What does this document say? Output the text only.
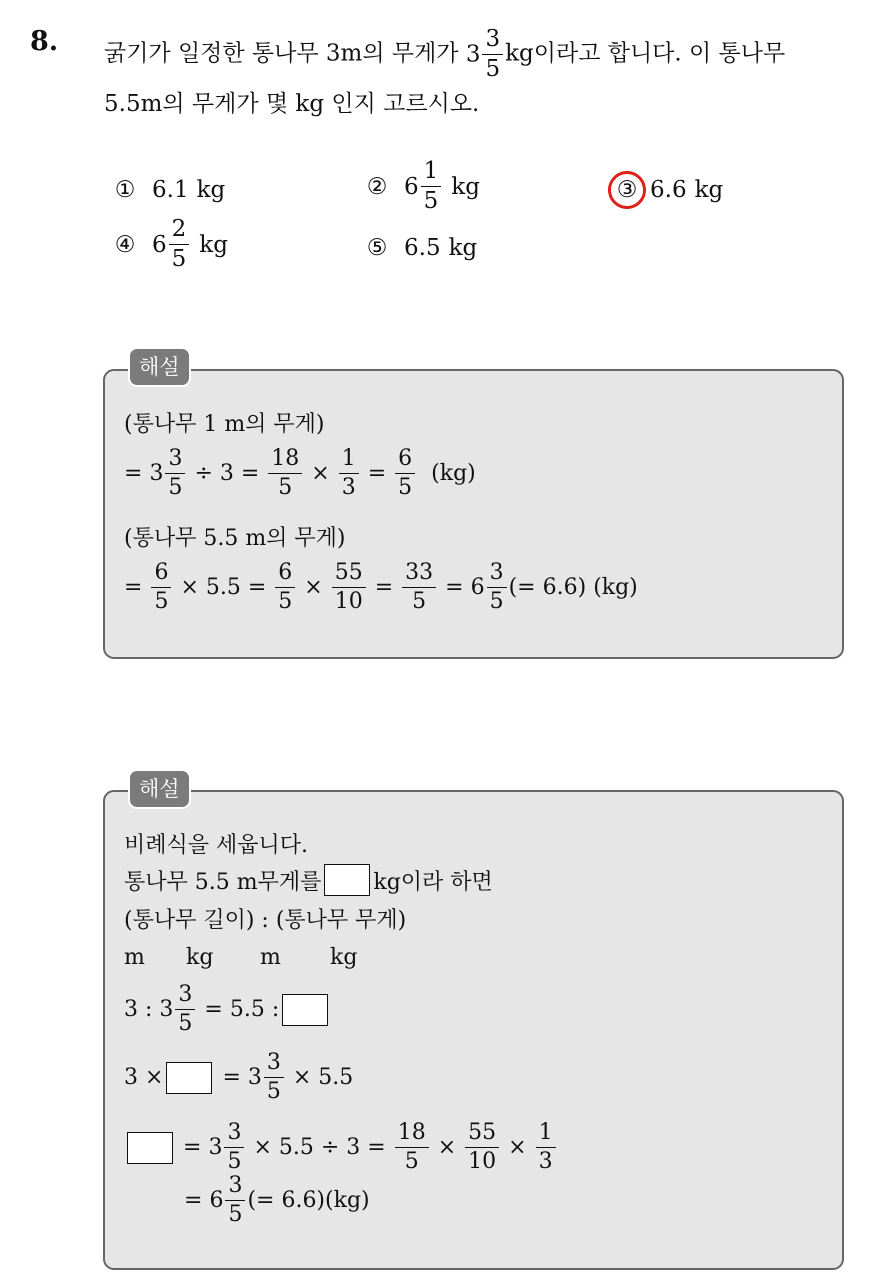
8. 굵기가 일정한 통나무 3m의 무게가 $3 \frac{3}{5}$ kg이라고 합니다. 이 통나무
5.5m의 무게가 몇 kg 인지 고르시오.
① 6.1 kg	② $6 \frac{1}{5}$ kg	③ 6.6 kg
④ $6 \frac{2}{5}$ kg	⑤ 6.5 kg
해설
(통나무 1 m의 무게)
=
$3 \frac{3}{5}$
÷ 3 =
$\frac{18}{5}$
×
$\frac{1}{3}$
=
$\frac{6}{5}$
(kg)
(통나무 5.5 m의 무게)
=
$\frac{6}{5}$
× 5.5 =
$\frac{6}{5}$
×
$\frac{55}{10}$
=
$\frac{33}{5}$
=
$6 \frac{3}{5}$ (= 6.6)
(kg)
해설
비례식을 세웁니다.
통나무 5.5 m무게를 kg이라 하면
(통나무 길이) : (통나무 무게)
m	kg	m	kg
3 :
$3 \frac{3}{5}$
= 5.5 :
3 ×
	=
$3 \frac{3}{5}$
× 5.5

=
$3 \frac{3}{5}$
× 5.5 ÷ 3 =
$\frac{18}{5}$
×
$\frac{55}{10}$
×
$\frac{1}{3}$
=
$6 \frac{3}{5}$ (= 6.6) (kg)
